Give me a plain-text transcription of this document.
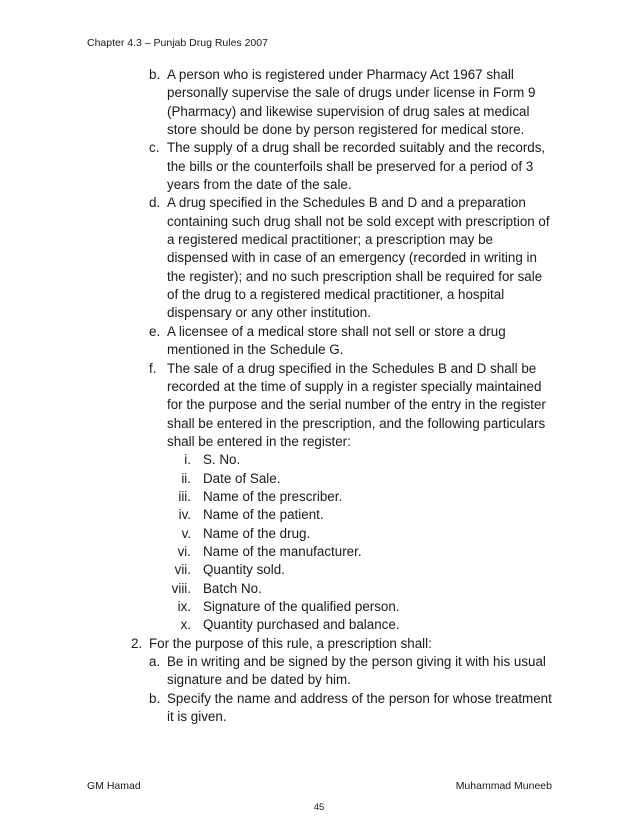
Chapter 4.3 – Punjab Drug Rules 2007
b. A person who is registered under Pharmacy Act 1967 shall personally supervise the sale of drugs under license in Form 9 (Pharmacy) and likewise supervision of drug sales at medical store should be done by person registered for medical store.
c. The supply of a drug shall be recorded suitably and the records, the bills or the counterfoils shall be preserved for a period of 3 years from the date of the sale.
d. A drug specified in the Schedules B and D and a preparation containing such drug shall not be sold except with prescription of a registered medical practitioner; a prescription may be dispensed with in case of an emergency (recorded in writing in the register); and no such prescription shall be required for sale of the drug to a registered medical practitioner, a hospital dispensary or any other institution.
e. A licensee of a medical store shall not sell or store a drug mentioned in the Schedule G.
f. The sale of a drug specified in the Schedules B and D shall be recorded at the time of supply in a register specially maintained for the purpose and the serial number of the entry in the register shall be entered in the prescription, and the following particulars shall be entered in the register:
i. S. No.
ii. Date of Sale.
iii. Name of the prescriber.
iv. Name of the patient.
v. Name of the drug.
vi. Name of the manufacturer.
vii. Quantity sold.
viii. Batch No.
ix. Signature of the qualified person.
x. Quantity purchased and balance.
2. For the purpose of this rule, a prescription shall:
a. Be in writing and be signed by the person giving it with his usual signature and be dated by him.
b. Specify the name and address of the person for whose treatment it is given.
GM Hamad	Muhammad Muneeb
45
